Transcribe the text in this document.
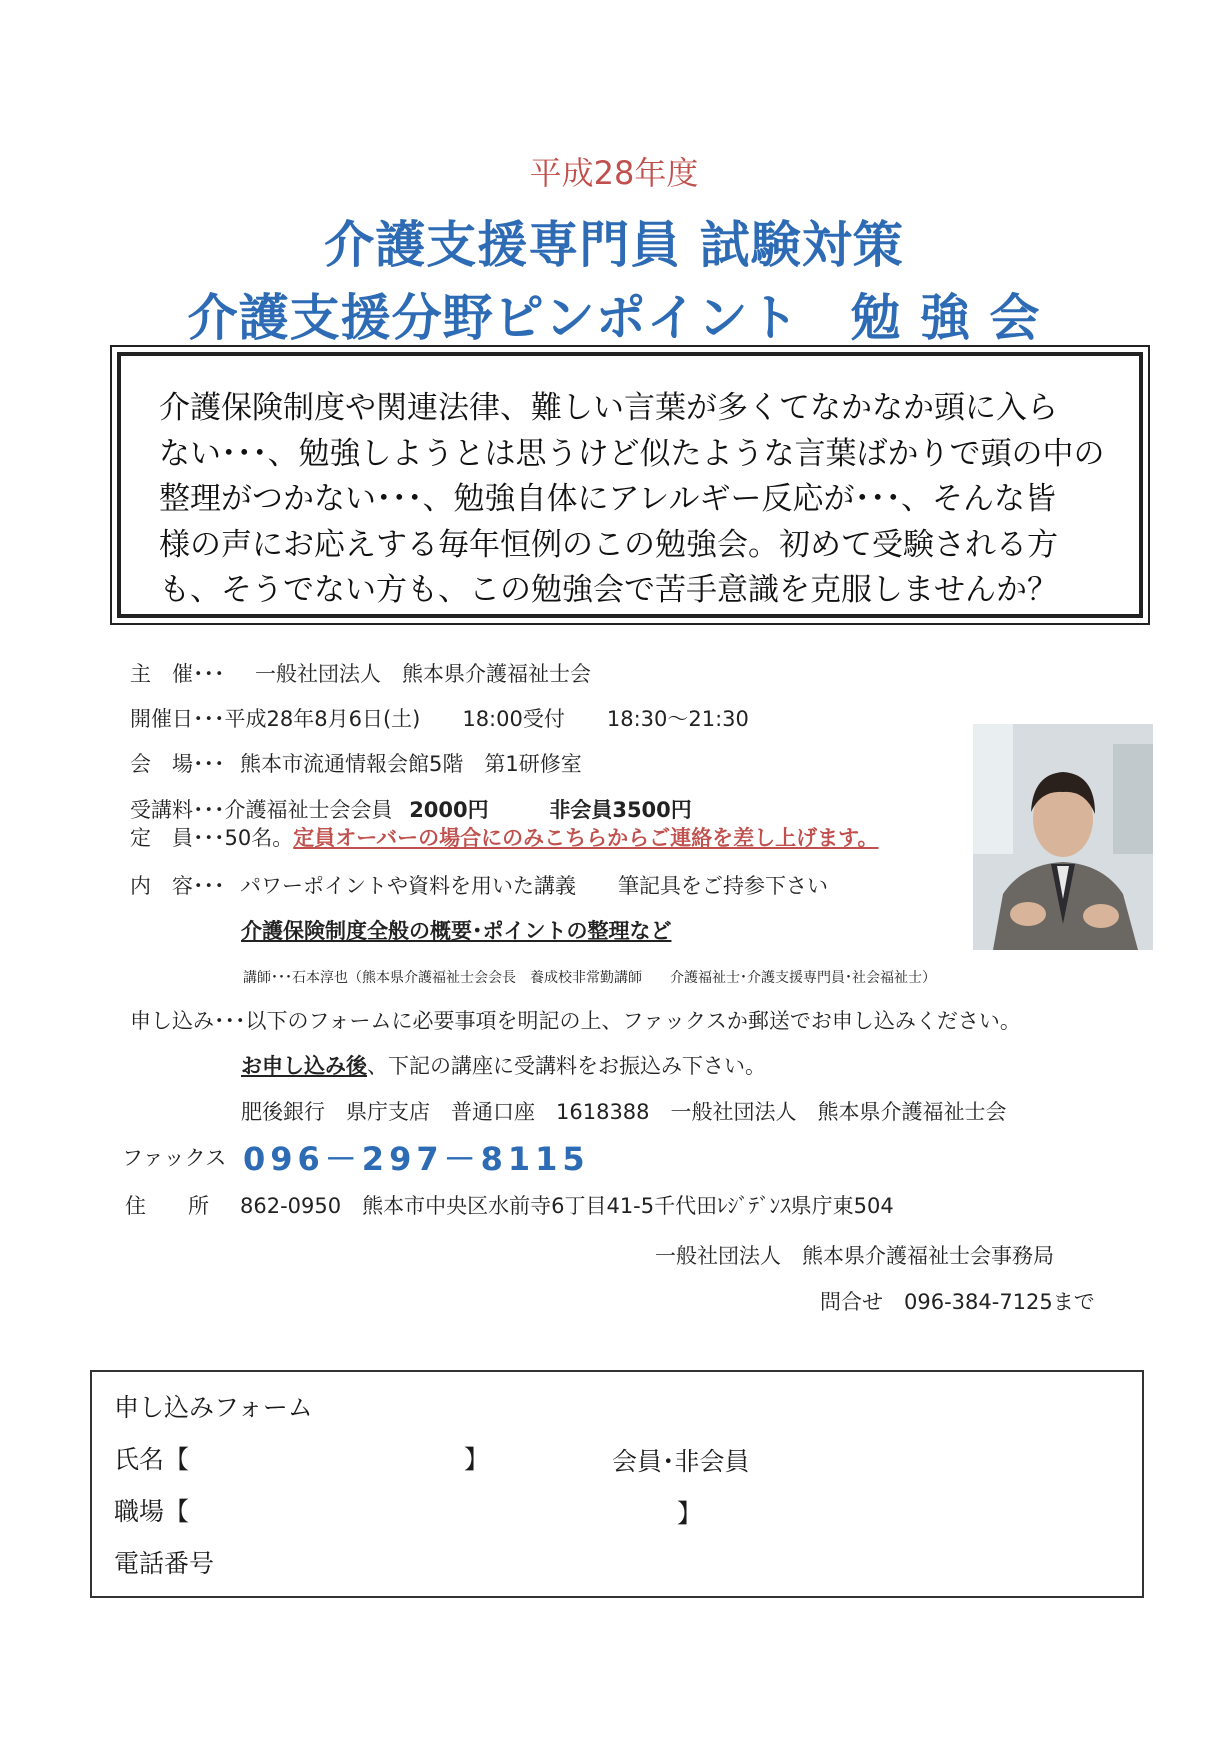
平成28年度
介護支援専門員 試験対策
介護支援分野ピンポイント　勉 強 会
介護保険制度や関連法律、難しい言葉が多くてなかなか頭に入ら
ない･･･、勉強しようとは思うけど似たような言葉ばかりで頭の中の
整理がつかない･･･、勉強自体にアレルギー反応が･･･、そんな皆
様の声にお応えする毎年恒例のこの勉強会。初めて受験される方
も、そうでない方も、この勉強会で苦手意識を克服しませんか？
主　催･･･ 一般社団法人　熊本県介護福祉士会
開催日･･･平成28年8月6日(土)　　18:00受付　　18:30～21:30
会　場･･･ 熊本市流通情報会館5階　第1研修室
受講料･･･介護福祉士会会員 2000円	非会員3500円
定　員･･･50名。定員オーバーの場合にのみこちらからご連絡を差し上げます。
内　容･･･ パワーポイントや資料を用いた講義　　筆記具をご持参下さい
介護保険制度全般の概要･ポイントの整理など
講師･･･石本淳也（熊本県介護福祉士会会長　養成校非常勤講師　　介護福祉士･介護支援専門員･社会福祉士）
申し込み･･･以下のフォームに必要事項を明記の上、ファックスか郵送でお申し込みください。
お申し込み後、下記の講座に受講料をお振込み下さい。
肥後銀行　県庁支店　普通口座　1618388　一般社団法人　熊本県介護福祉士会
ファックス 096－297－8115
住　　所 862-0950　熊本市中央区水前寺6丁目41-5千代田ﾚｼﾞﾃﾞﾝｽ県庁東504
一般社団法人　熊本県介護福祉士会事務局
問合せ　096-384-7125まで
申し込みフォーム
氏名【	】	会員･非会員
職場【	】
電話番号
